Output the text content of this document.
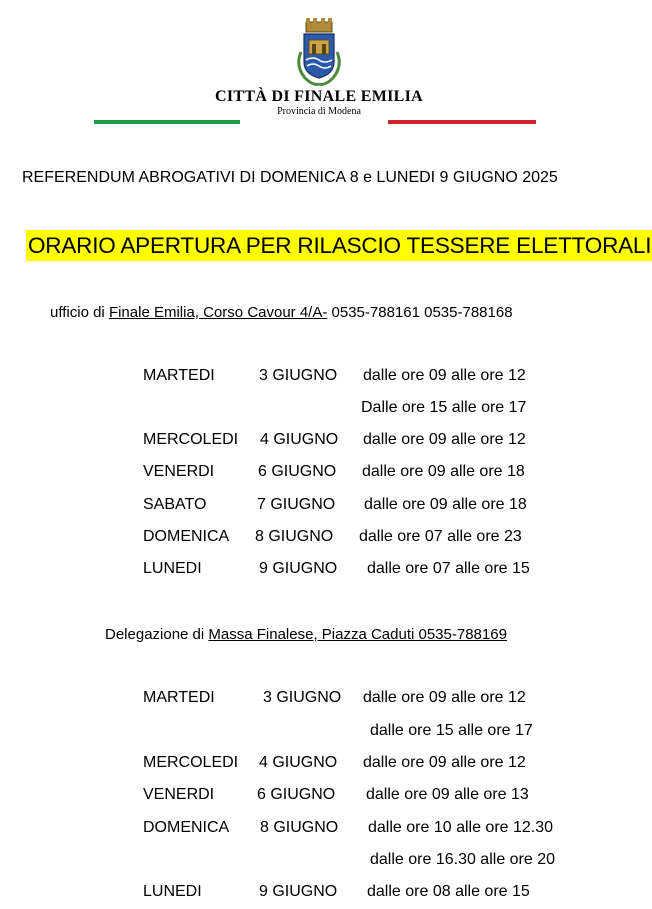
CITTÀ DI FINALE EMILIA
Provincia di Modena
REFERENDUM ABROGATIVI DI DOMENICA 8 e LUNEDI 9 GIUGNO 2025
ORARIO APERTURA PER RILASCIO TESSERE ELETTORALI
ufficio di Finale Emilia, Corso Cavour 4/A- 0535-788161 0535-788168
MARTEDI	3 GIUGNO dalle ore 09 alle ore 12
Dalle ore 15 alle ore 17
MERCOLEDI 4 GIUGNO dalle ore 09 alle ore 12
VENERDI	6 GIUGNO dalle ore 09 alle ore 18
SABATO	7 GIUGNO dalle ore 09 alle ore 18
DOMENICA 8 GIUGNO dalle ore 07 alle ore 23
LUNEDI	9 GIUGNO dalle ore 07 alle ore 15
Delegazione di Massa Finalese, Piazza Caduti 0535-788169
MARTEDI	3 GIUGNO dalle ore 09 alle ore 12
dalle ore 15 alle ore 17
MERCOLEDI 4 GIUGNO dalle ore 09 alle ore 12
VENERDI	6 GIUGNO dalle ore 09 alle ore 13
DOMENICA 8 GIUGNO dalle ore 10 alle ore 12.30
dalle ore 16.30 alle ore 20
LUNEDI	9 GIUGNO dalle ore 08 alle ore 15
